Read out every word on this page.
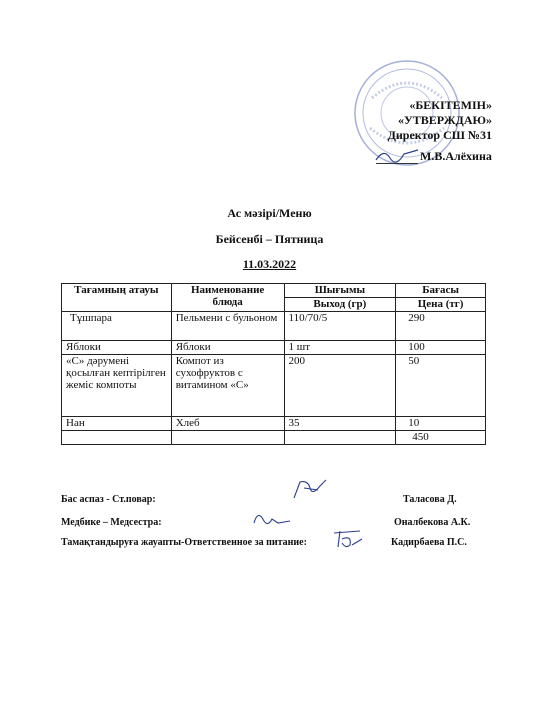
«БЕКІТЕМІН»
«УТВЕРЖДАЮ»
Директор СШ №31
М.В.Алёхина
Ас мәзірі/Меню
Бейсенбі – Пятница
11.03.2022
Тағамның атауы	Наименование блюда	Шығымы	Бағасы
		Выход (гр)	Цена (тг)
Тұшпара	Пельмени с бульоном	110/70/5	290
Яблоки	Яблоки	1 шт	100
«С» дәрумені қосылған кептірілген жеміс компоты	Компот из сухофруктов с витамином «С»	200	50
Нан	Хлеб	35	10
			450
Бас аспаз - Ст.повар:	Таласова Д.
Медбике – Медсестра:	Оналбекова А.К.
Тамақтандыруға жауапты-Ответственное за питание:	Кадирбаева П.С.
